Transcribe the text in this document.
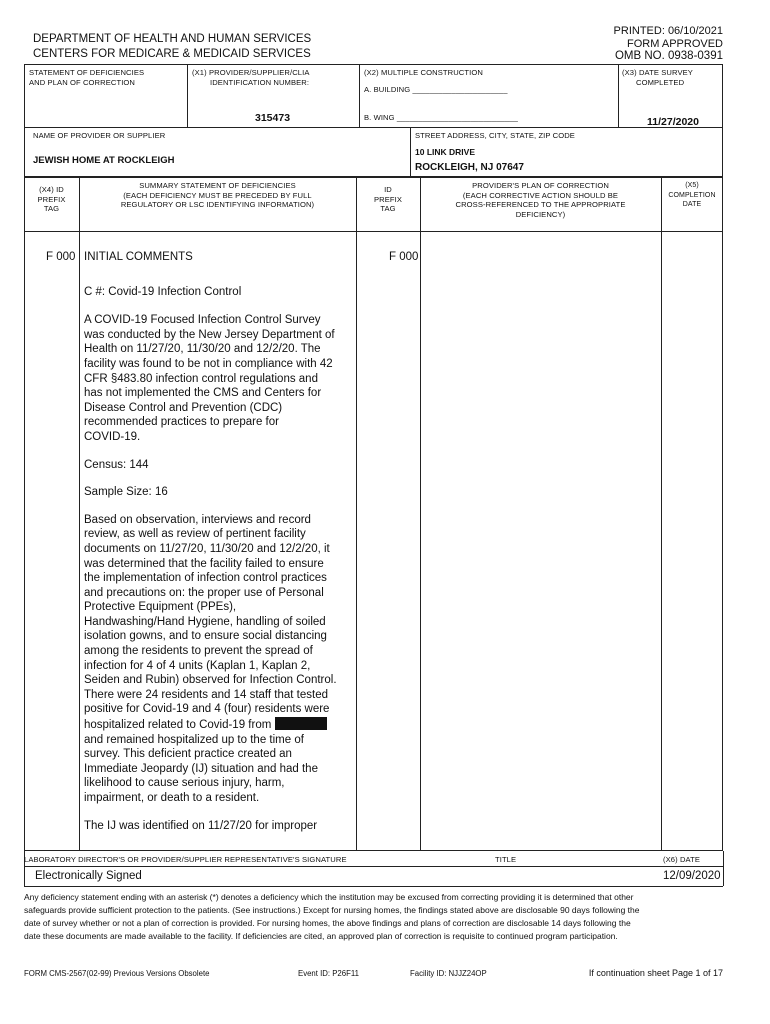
DEPARTMENT OF HEALTH AND HUMAN SERVICES
CENTERS FOR MEDICARE & MEDICAID SERVICES
PRINTED: 06/10/2021
FORM APPROVED
OMB NO. 0938-0391
STATEMENT OF DEFICIENCIES
AND PLAN OF CORRECTION
(X1) PROVIDER/SUPPLIER/CLIA
IDENTIFICATION NUMBER:
315473
(X2) MULTIPLE CONSTRUCTION
A. BUILDING ______________________
B. WING ____________________________
(X3) DATE SURVEY
COMPLETED
11/27/2020
NAME OF PROVIDER OR SUPPLIER
JEWISH HOME AT ROCKLEIGH
STREET ADDRESS, CITY, STATE, ZIP CODE
10 LINK DRIVE
ROCKLEIGH, NJ 07647
(X4) ID
PREFIX
TAG
SUMMARY STATEMENT OF DEFICIENCIES
(EACH DEFICIENCY MUST BE PRECEDED BY FULL
REGULATORY OR LSC IDENTIFYING INFORMATION)
ID
PREFIX
TAG
PROVIDER'S PLAN OF CORRECTION
(EACH CORRECTIVE ACTION SHOULD BE
CROSS-REFERENCED TO THE APPROPRIATE
DEFICIENCY)
(X5)
COMPLETION
DATE
F 000	F 000
INITIAL COMMENTS
C #: Covid-19 Infection Control
A COVID-19 Focused Infection Control Survey
was conducted by the New Jersey Department of
Health on 11/27/20, 11/30/20 and 12/2/20. The
facility was found to be not in compliance with 42
CFR §483.80 infection control regulations and
has not implemented the CMS and Centers for
Disease Control and Prevention (CDC)
recommended practices to prepare for
COVID-19.
Census: 144
Sample Size: 16
Based on observation, interviews and record
review, as well as review of pertinent facility
documents on 11/27/20, 11/30/20 and 12/2/20, it
was determined that the facility failed to ensure
the implementation of infection control practices
and precautions on: the proper use of Personal
Protective Equipment (PPEs),
Handwashing/Hand Hygiene, handling of soiled
isolation gowns, and to ensure social distancing
among the residents to prevent the spread of
infection for 4 of 4 units (Kaplan 1, Kaplan 2,
Seiden and Rubin) observed for Infection Control.
There were 24 residents and 14 staff that tested
positive for Covid-19 and 4 (four) residents were
hospitalized related to Covid-19 from
and remained hospitalized up to the time of
survey. This deficient practice created an
Immediate Jeopardy (IJ) situation and had the
likelihood to cause serious injury, harm,
impairment, or death to a resident.
The IJ was identified on 11/27/20 for improper
LABORATORY DIRECTOR'S OR PROVIDER/SUPPLIER REPRESENTATIVE'S SIGNATURE	TITLE	(X6) DATE
Electronically Signed	12/09/2020
Any deficiency statement ending with an asterisk (*) denotes a deficiency which the institution may be excused from correcting providing it is determined that other safeguards provide sufficient protection to the patients. (See instructions.) Except for nursing homes, the findings stated above are disclosable 90 days following the date of survey whether or not a plan of correction is provided. For nursing homes, the above findings and plans of correction are disclosable 14 days following the date these documents are made available to the facility. If deficiencies are cited, an approved plan of correction is requisite to continued program participation.
FORM CMS-2567(02-99) Previous Versions Obsolete	Event ID: P26F11	Facility ID: NJJZ24OP	If continuation sheet Page 1 of 17
